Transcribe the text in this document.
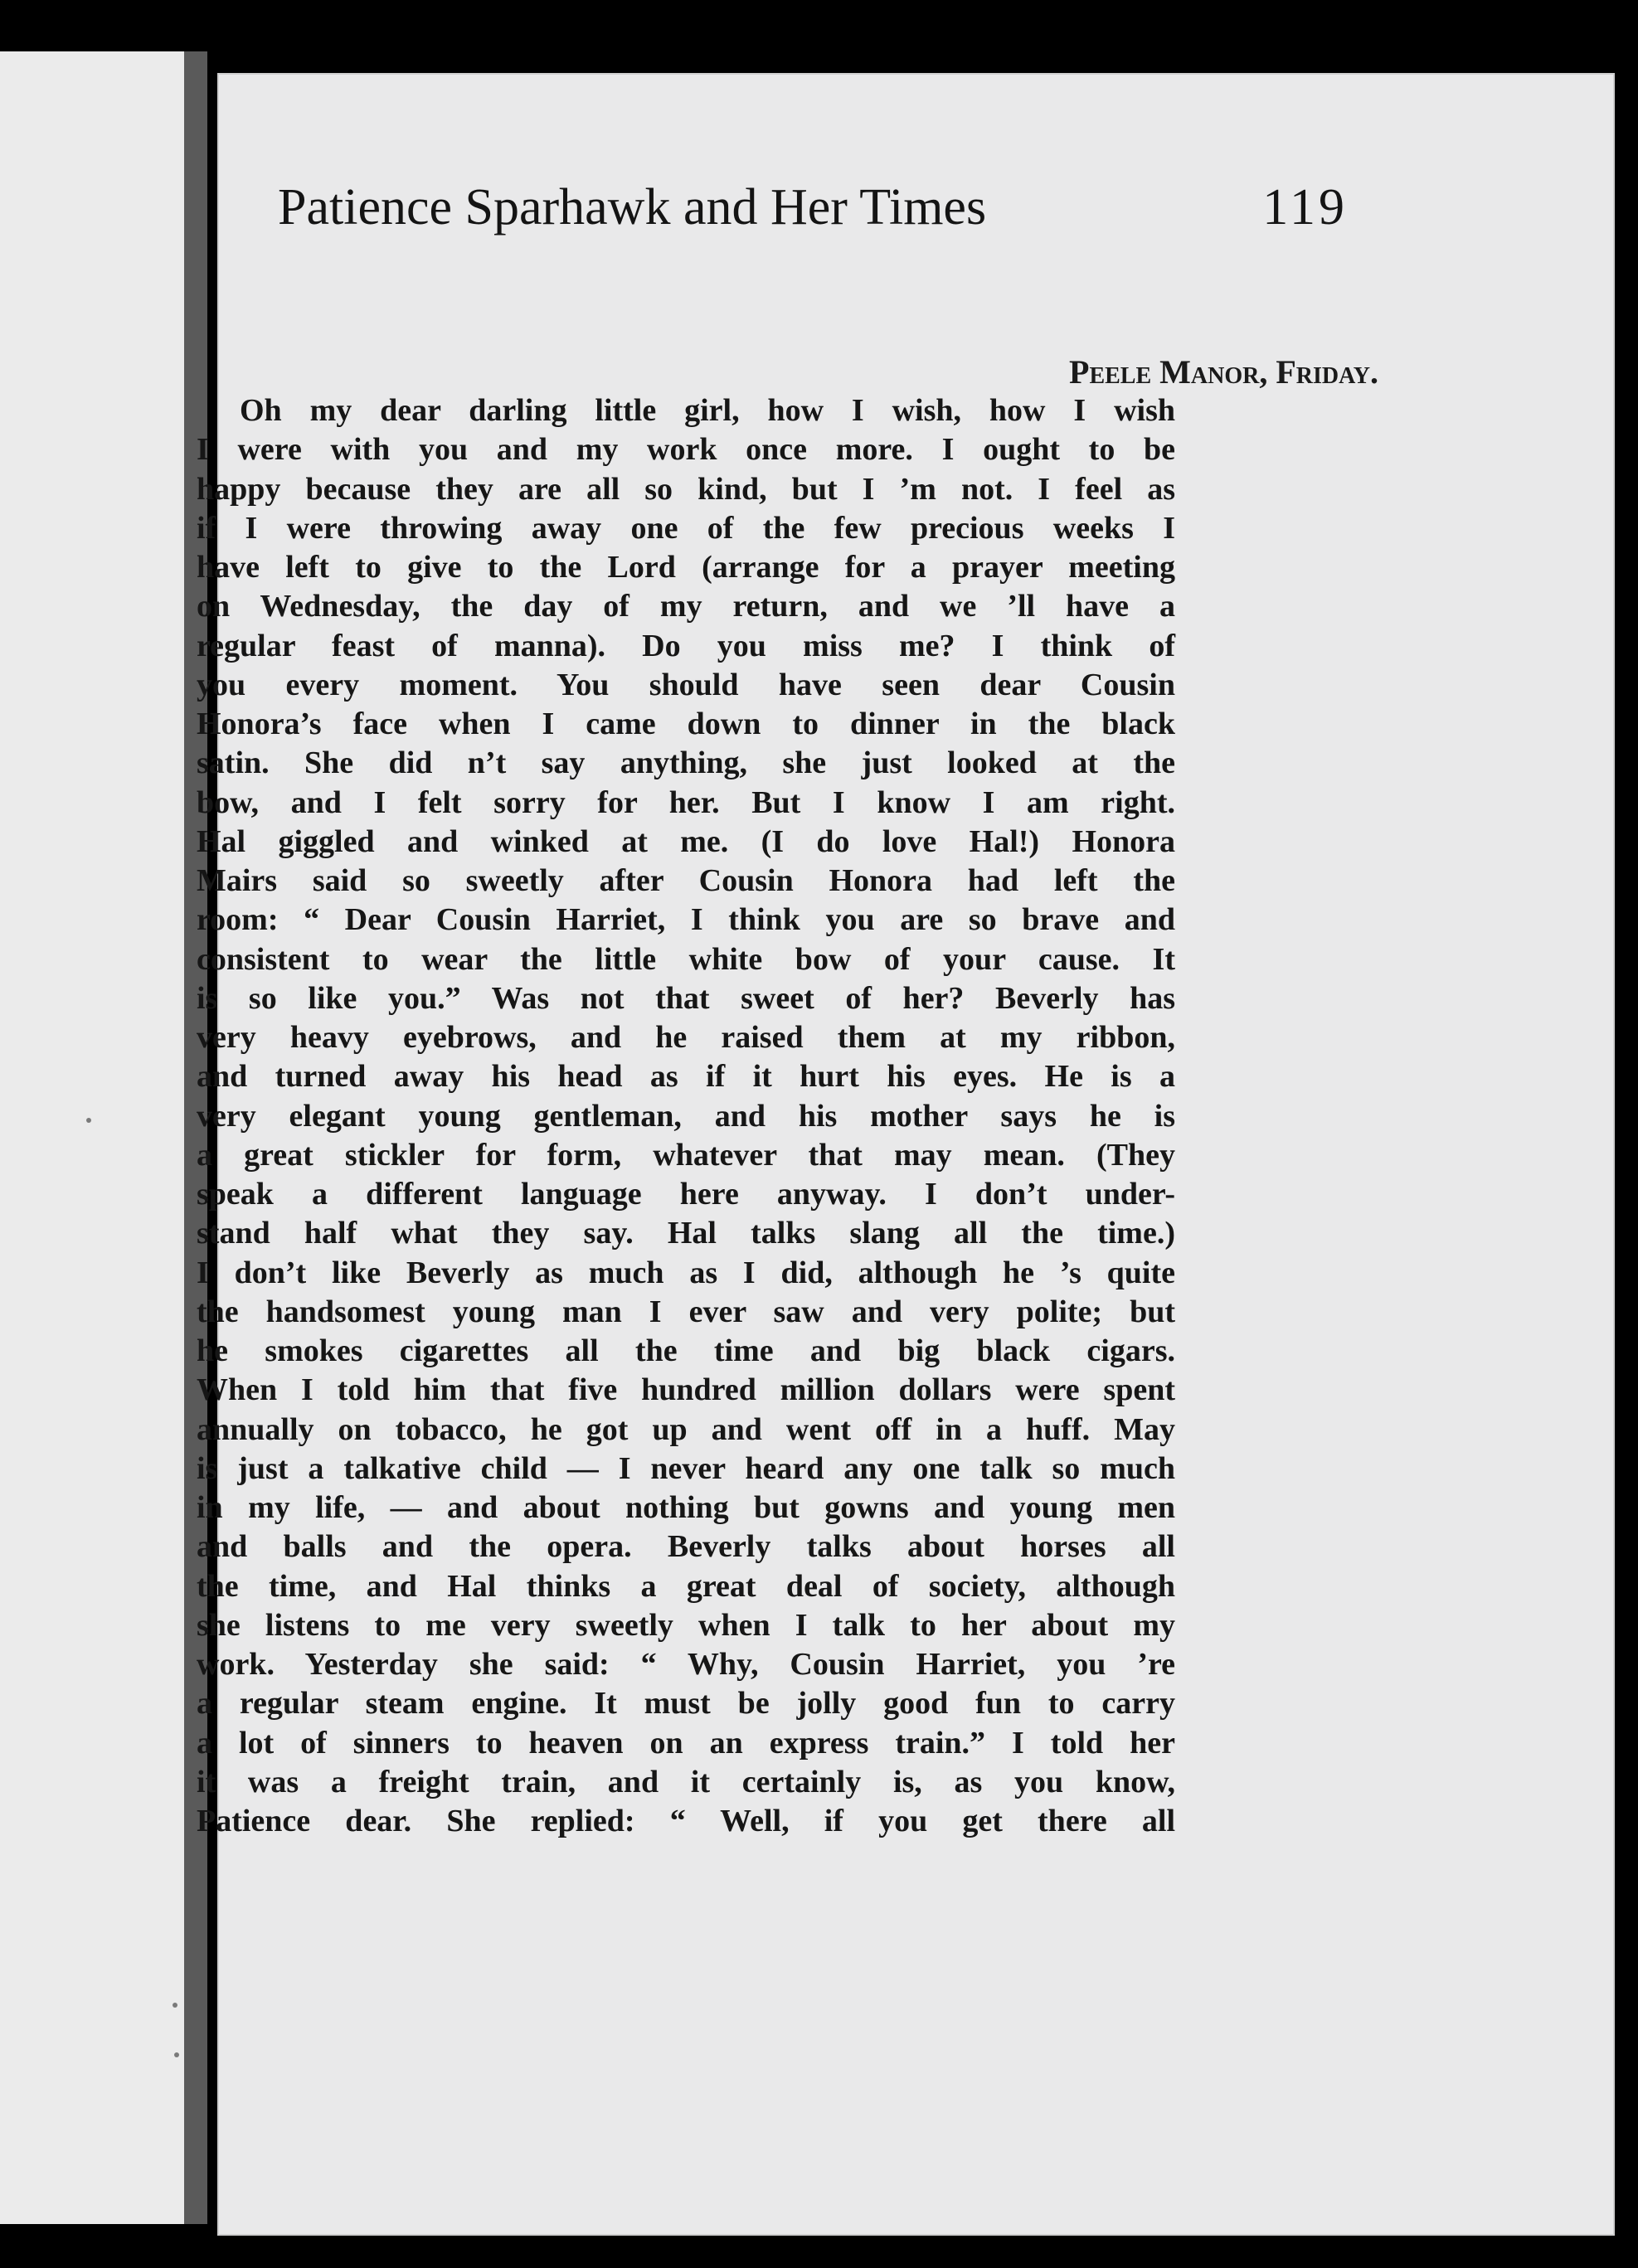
Patience Sparhawk and Her Times	119
Peele Manor, Friday.
Oh my dear darling little girl, how I wish, how I wish
I were with you and my work once more. I ought to be
happy because they are all so kind, but I ’m not. I feel as
if I were throwing away one of the few precious weeks I
have left to give to the Lord (arrange for a prayer meeting
on Wednesday, the day of my return, and we ’ll have a
regular feast of manna). Do you miss me? I think of
you every moment. You should have seen dear Cousin
Honora’s face when I came down to dinner in the black
satin. She did n’t say anything, she just looked at the
bow, and I felt sorry for her. But I know I am right.
Hal giggled and winked at me. (I do love Hal!) Honora
Mairs said so sweetly after Cousin Honora had left the
room: “ Dear Cousin Harriet, I think you are so brave and
consistent to wear the little white bow of your cause. It
is so like you.” Was not that sweet of her? Beverly has
very heavy eyebrows, and he raised them at my ribbon,
and turned away his head as if it hurt his eyes. He is a
very elegant young gentleman, and his mother says he is
a great stickler for form, whatever that may mean. (They
speak a different language here anyway. I don’t under-
stand half what they say. Hal talks slang all the time.)
I don’t like Beverly as much as I did, although he ’s quite
the handsomest young man I ever saw and very polite; but
he smokes cigarettes all the time and big black cigars.
When I told him that five hundred million dollars were spent
annually on tobacco, he got up and went off in a huff. May
is just a talkative child — I never heard any one talk so much
in my life, — and about nothing but gowns and young men
and balls and the opera. Beverly talks about horses all
the time, and Hal thinks a great deal of society, although
she listens to me very sweetly when I talk to her about my
work. Yesterday she said: “ Why, Cousin Harriet, you ’re
a regular steam engine. It must be jolly good fun to carry
a lot of sinners to heaven on an express train.” I told her
it was a freight train, and it certainly is, as you know,
Patience dear. She replied: “ Well, if you get there all
